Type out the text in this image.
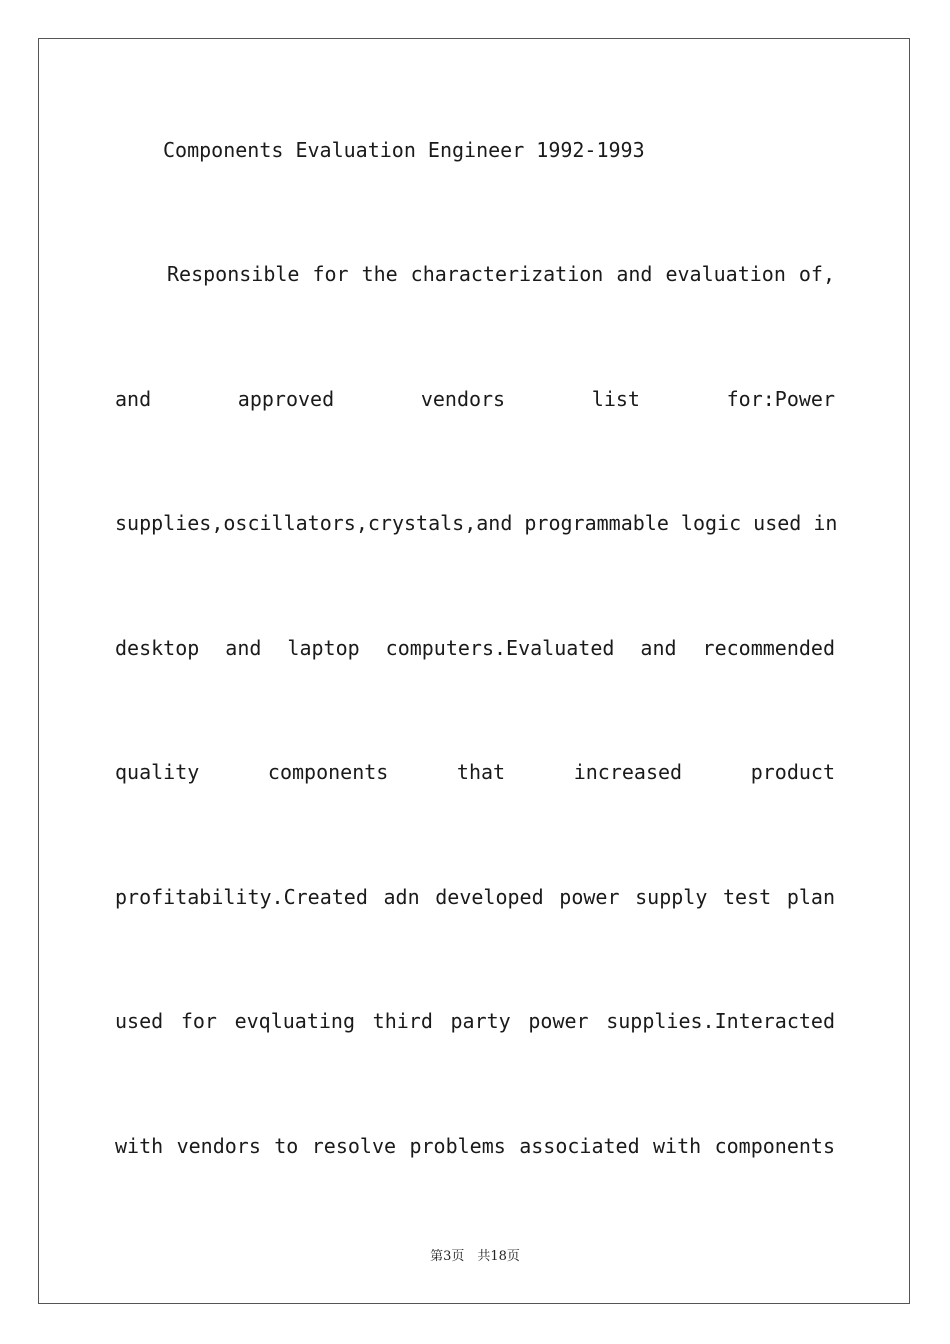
Components Evaluation Engineer 1992-1993
Responsible for the characterization and evaluation of,
and approved vendors list for:Power
supplies,oscillators,crystals,and programmable logic used in
desktop and laptop computers.Evaluated and recommended
quality components that increased product
profitability.Created adn developed power supply test plan
used for evqluating third party power supplies.Interacted
with vendors to resolve problems associated with components
第3页　共18页
